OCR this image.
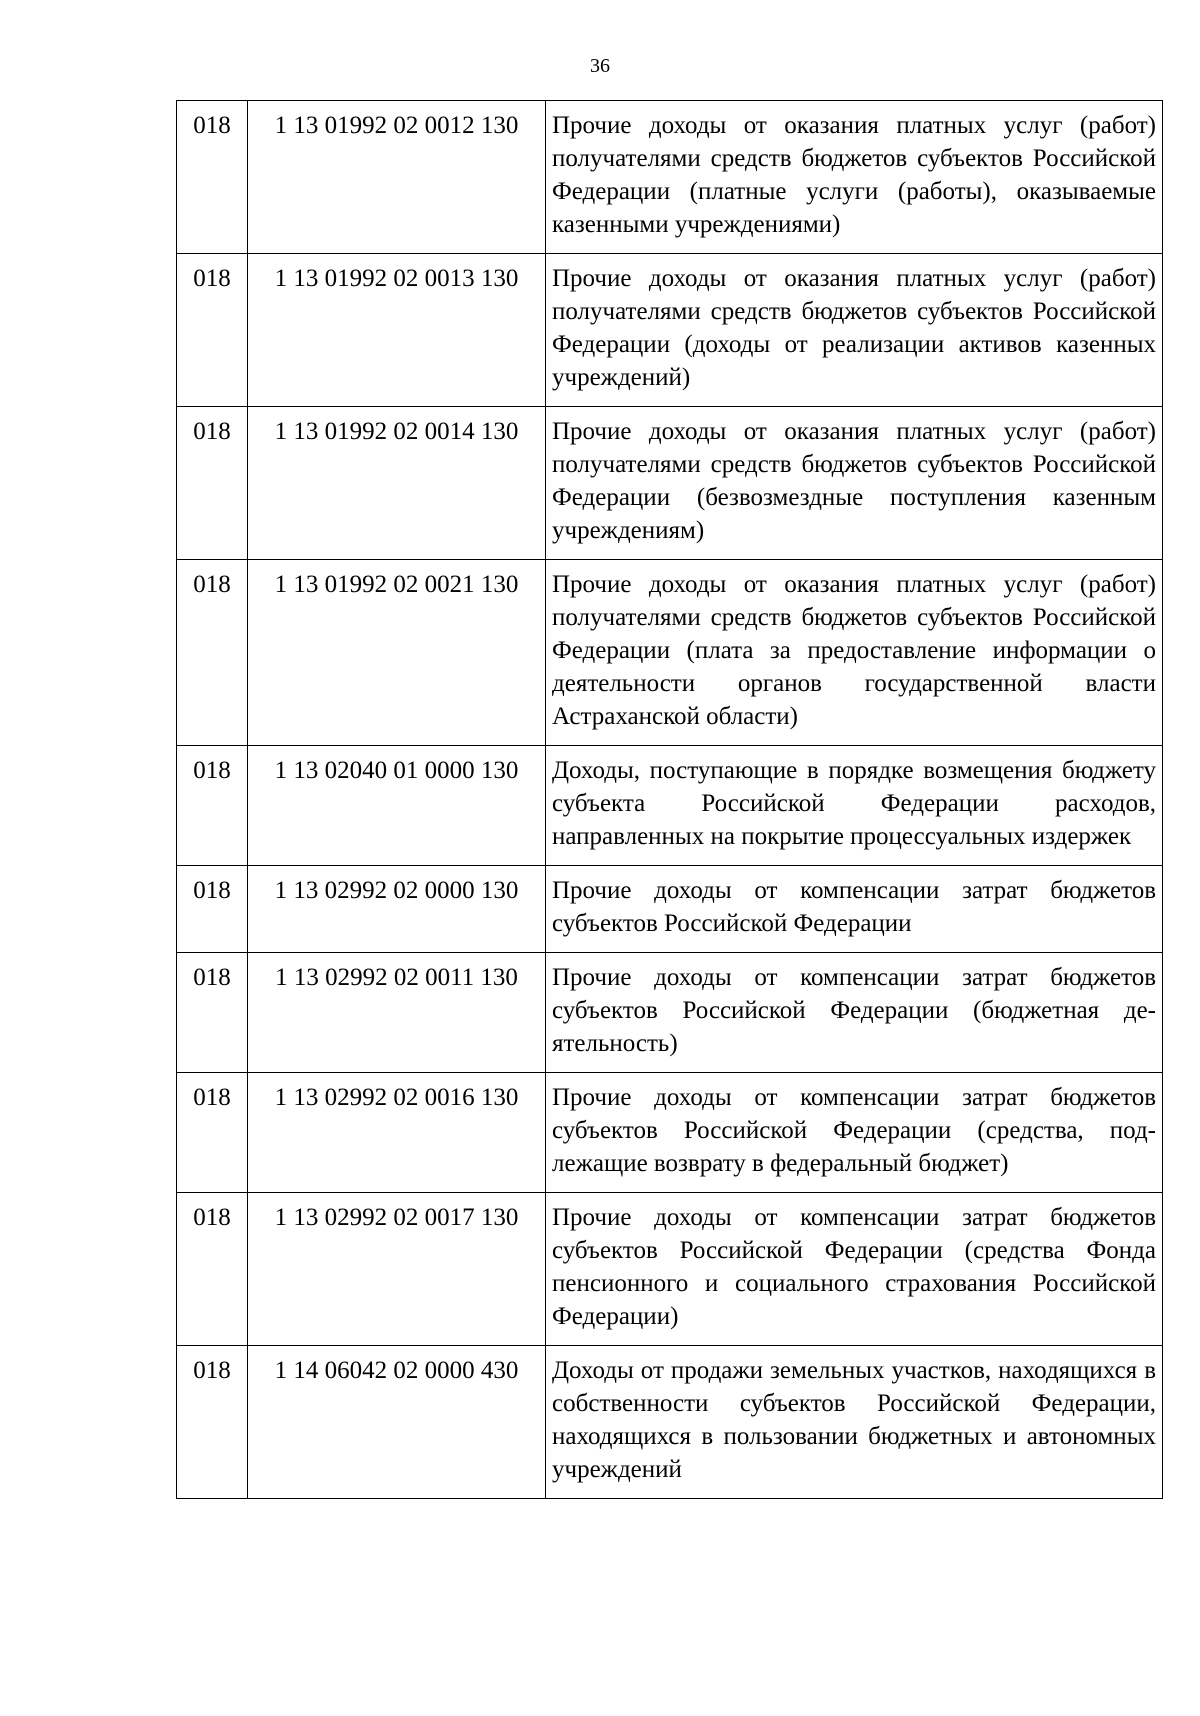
36
018	1 13 01992 02 0012 130	Прочие доходы от оказания платных услуг (работ) получателями средств бюджетов субъектов Российской Федерации (платные услуги (работы), оказываемые казенными учреждениями)
018	1 13 01992 02 0013 130	Прочие доходы от оказания платных услуг (работ) получателями средств бюджетов субъектов Российской Федерации (доходы от реализации активов казенных учреждений)
018	1 13 01992 02 0014 130	Прочие доходы от оказания платных услуг (работ) получателями средств бюджетов субъектов Российской Федерации (безвозмездные поступления казенным учреждениям)
018	1 13 01992 02 0021 130	Прочие доходы от оказания платных услуг (работ) получателями средств бюджетов субъектов Российской Федерации (плата за предоставление информации о деятельности органов государственной власти Астраханской области)
018	1 13 02040 01 0000 130	Доходы, поступающие в порядке возмещения бюджету субъекта Российской Федерации расходов, направленных на покрытие процессуальных издержек
018	1 13 02992 02 0000 130	Прочие доходы от компенсации затрат бюджетов субъектов Российской Федерации
018	1 13 02992 02 0011 130	Прочие доходы от компенсации затрат бюджетов субъектов Российской Федерации (бюджетная деятельность)
018	1 13 02992 02 0016 130	Прочие доходы от компенсации затрат бюджетов субъектов Российской Федерации (средства, подлежащие возврату в федеральный бюджет)
018	1 13 02992 02 0017 130	Прочие доходы от компенсации затрат бюджетов субъектов Российской Федерации (средства Фонда пенсионного и социального страхования Российской Федерации)
018	1 14 06042 02 0000 430	Доходы от продажи земельных участков, находящихся в собственности субъектов Российской Федерации, находящихся в пользовании бюджетных и автономных учреждений
